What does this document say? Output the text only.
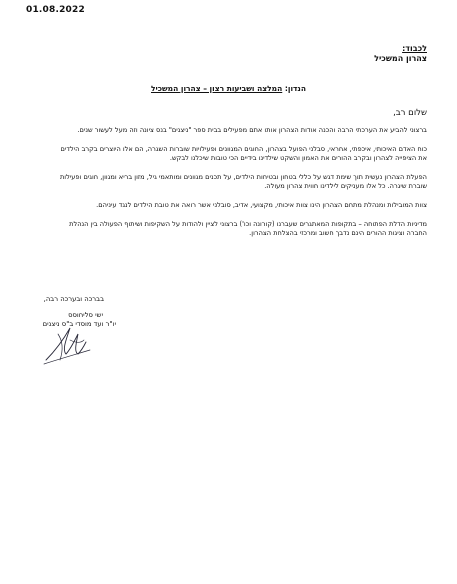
01.08.2022
לכבוד:
צהרון המשכיל
הנדון: המלצה ושביעות רצון – צהרון המשכיל
שלום רב,

ברצוני להביע את הערכתי הרבה והכנה אודות הצהרון אותו אתם מפעילים בבית ספר "ניצנים" בנס ציונה וזה מעל לעשור שנים.

כוח האדם האיכותי, איכפתי, אחראי, סבלני הפועל בצהרון, החוגים המגוונים ופעילויות שוברות השגרה, הם אלו היוצרים בקרב הילדים את הציפייה לצהרון ובקרב ההורים את האמון והשקט שילדינו בידיים הכי טובות שיכלנו לבקש.

הפעלת הצהרון נעשית תוך שימת דגש על כללי בטחון ובטיחות הילדים, על תכנים מגוונים ומותאמי גיל, מזון בריא ומגוון, חוגים ופעילות שוברת שיגרה. כל אלו מעניקים לילדינו חווית צהרון מעולה.

צוות המובילות ומנהלת מתחם הצהרון הינו צוות איכותי, מקצועי, אדיב, סובלני אשר רואה את טובת הילדים לנגד עיניהם.

מדיניות הדלת הפתוחה – בתקופות המאתגרים שעברנו (קורונה וכו') ברצוני לציין ולהודות על השקיפות ושיתוף הפעולה בין הנהלת החברה וציגות ההורים הינם נדבך חשוב ומרכזי בהצלחת הצהרון.

בברכה ובערכה רבה,
ישי סליחוסס
יו"ר ועד מוסדי ב"ס ניצנים
